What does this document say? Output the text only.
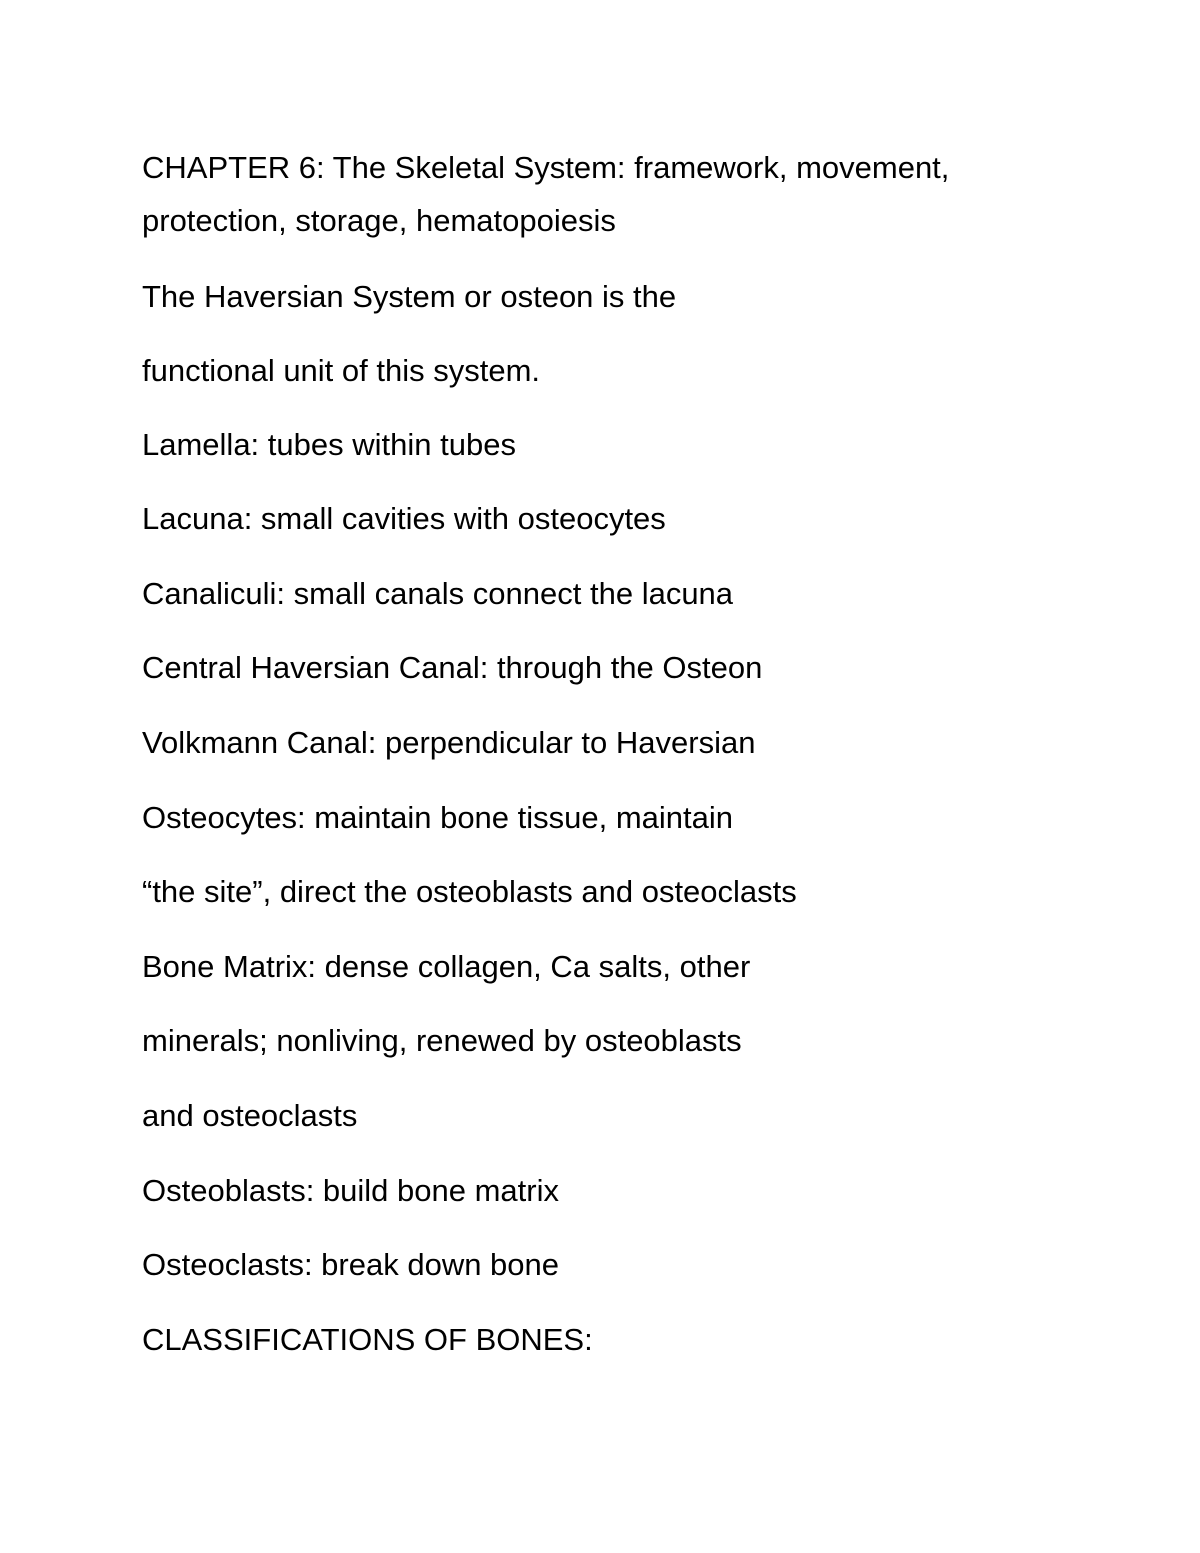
CHAPTER 6: The Skeletal System: framework, movement,
protection, storage, hematopoiesis
The Haversian System or osteon is the
functional unit of this system.
Lamella: tubes within tubes
Lacuna: small cavities with osteocytes
Canaliculi: small canals connect the lacuna
Central Haversian Canal: through the Osteon
Volkmann Canal: perpendicular to Haversian
Osteocytes: maintain bone tissue, maintain
“the site”, direct the osteoblasts and osteoclasts
Bone Matrix: dense collagen, Ca salts, other
minerals; nonliving, renewed by osteoblasts
and osteoclasts
Osteoblasts: build bone matrix
Osteoclasts: break down bone
CLASSIFICATIONS OF BONES:
